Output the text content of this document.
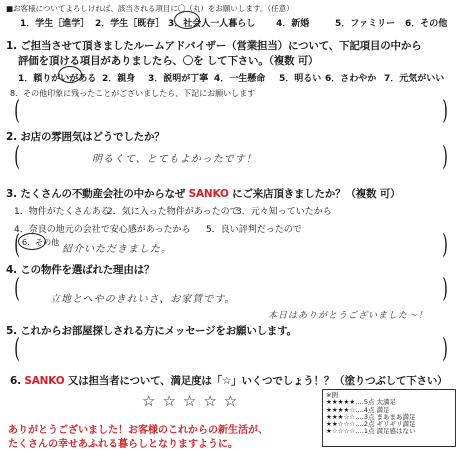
■お客様についてよろしければ、該当される項目に〇（丸）をお願いします。（任意）
1．学生［進学］ 2．学生［既存］ 3．社会人一人暮らし 4．新婚	5．ファミリー 6．その他
1. ご担当させて頂きましたルームアドバイザー（営業担当）について、下記項目の中から
評価を頂ける項目がありましたら、〇を して下さい。（複数 可）
1．頼りがいがある 2．親身 3．説明が丁寧 4．一生懸命 5．明るい 6．さわやか 7．元気がいい
8．その他印象に残ったことがございましたら、下記にお願いします
(	)
2. お店の雰囲気はどうでしたか？
(	明るくて、とてもよかったです！	)
3. たくさんの不動産会社の中からなぜ SANKO にご来店頂きましたか？（複数 可）
1．物件がたくさんある
2．気に入った物件があったので
3．元々知っていたから
4．奈良の地元の会社で安心感があったから 5．良い評判だったので
( 6．その他
紹介いただきました。	)
4. この物件を選ばれた理由は？
(	立地とへやのきれいさ、お家賃です。	)
本日はありがとうございました～！
5. これからお部屋探しされる方にメッセージをお願いします。
(	)
6. SANKO 又は担当者について、満足度は「☆」いくつでしょう！？（塗りつぶして下さい）
☆☆☆☆☆	※例
★★★★★‥‥5点 大満足
★★★★☆‥‥4点 満足
★★★☆☆‥‥3点 まあまあ満足
★★☆☆☆‥‥2点 ギリギリ満足
★☆☆☆☆‥‥1点 満足感はない
ありがとうございました！お客様のこれからの新生活が、
たくさんの幸せあふれる暮らしとなりますように。
